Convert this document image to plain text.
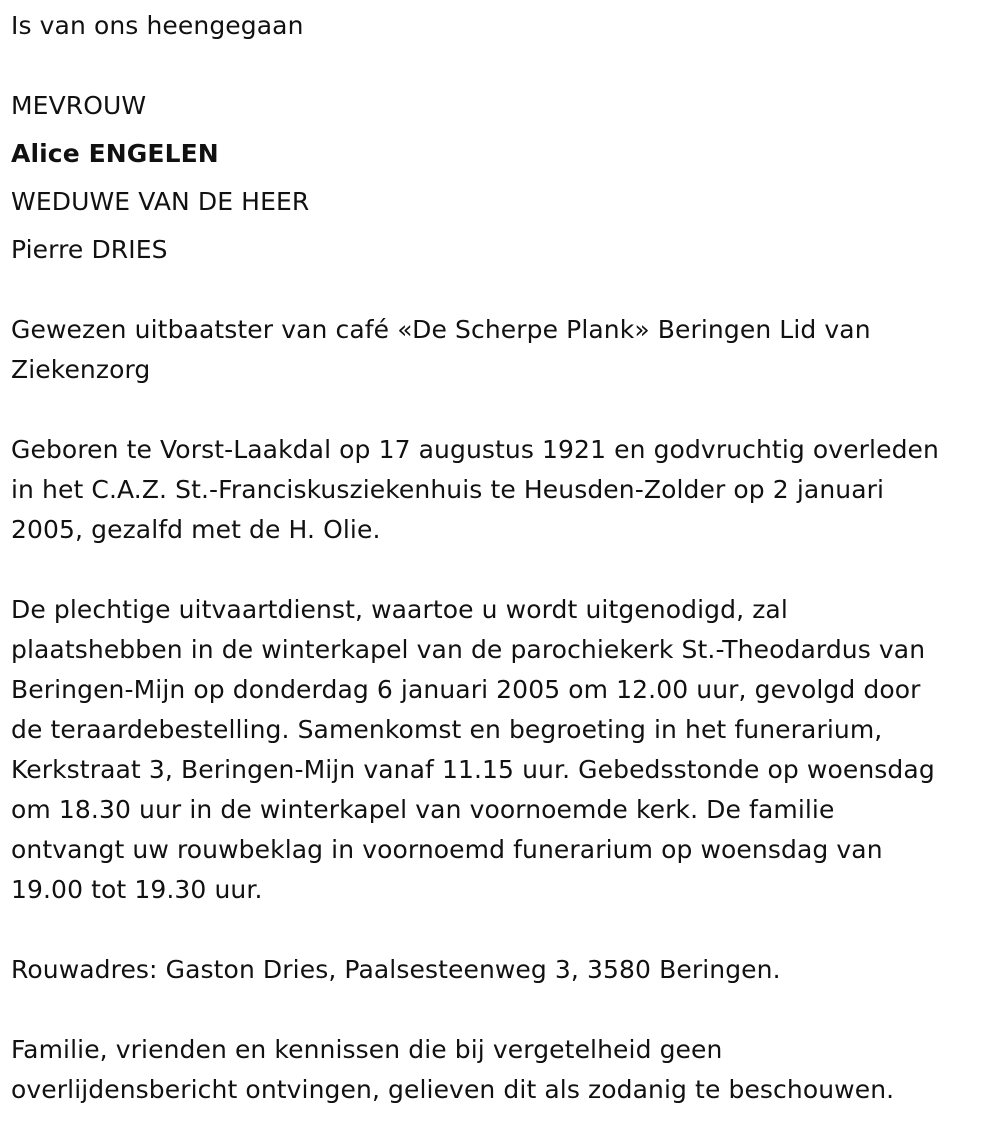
Is van ons heengegaan

MEVROUW

Alice ENGELEN

WEDUWE VAN DE HEER

Pierre DRIES

Gewezen uitbaatster van café «De Scherpe Plank» Beringen Lid van
Ziekenzorg
Geboren te Vorst-Laakdal op 17 augustus 1921 en godvruchtig overleden
in het C.A.Z. St.-Franciskusziekenhuis te Heusden-Zolder op 2 januari
2005, gezalfd met de H. Olie.
De plechtige uitvaartdienst, waartoe u wordt uitgenodigd, zal
plaatshebben in de winterkapel van de parochiekerk St.-Theodardus van
Beringen-Mijn op donderdag 6 januari 2005 om 12.00 uur, gevolgd door
de teraardebestelling. Samenkomst en begroeting in het funerarium,
Kerkstraat 3, Beringen-Mijn vanaf 11.15 uur. Gebedsstonde op woensdag
om 18.30 uur in de winterkapel van voornoemde kerk. De familie
ontvangt uw rouwbeklag in voornoemd funerarium op woensdag van
19.00 tot 19.30 uur.

Rouwadres: Gaston Dries, Paalsesteenweg 3, 3580 Beringen.

Familie, vrienden en kennissen die bij vergetelheid geen
overlijdensbericht ontvingen, gelieven dit als zodanig te beschouwen.
